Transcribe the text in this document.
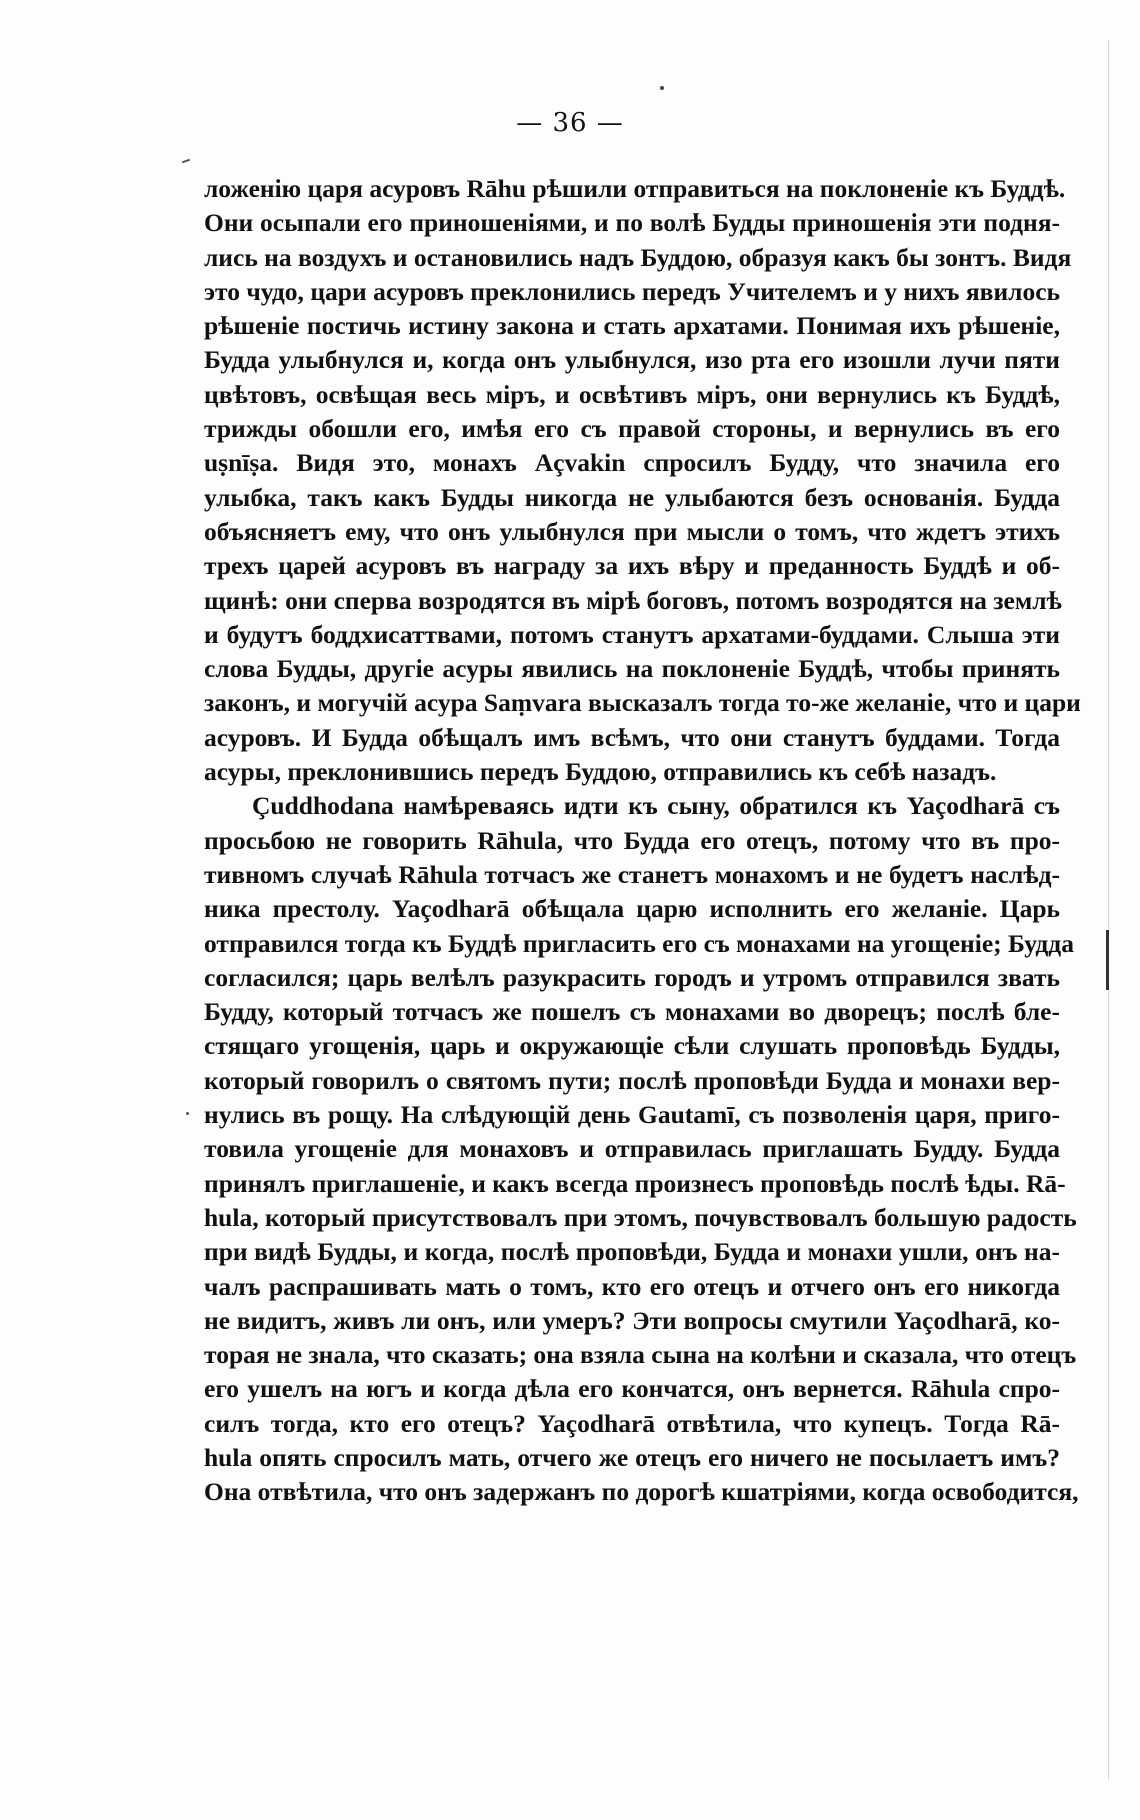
— 36 —
ложенію царя асуровъ Rāhu рѣшили отправиться на поклоненіе къ Буддѣ.
Они осыпали его приношеніями, и по волѣ Будды приношенія эти подня-
лись на воздухъ и остановились надъ Буддою, образуя какъ бы зонтъ. Видя
это чудо, цари асуровъ преклонились передъ Учителемъ и у нихъ явилось
рѣшеніе постичь истину закона и стать архатами. Понимая ихъ рѣшеніе,
Будда улыбнулся и, когда онъ улыбнулся, изо рта его изошли лучи пяти
цвѣтовъ, освѣщая весь міръ, и освѣтивъ міръ, они вернулись къ Буддѣ,
трижды обошли его, имѣя его съ правой стороны, и вернулись въ его
uṣnīṣa. Видя это, монахъ Açvakin спросилъ Будду, что значила его
улыбка, такъ какъ Будды никогда не улыбаются безъ основанія. Будда
объясняетъ ему, что онъ улыбнулся при мысли о томъ, что ждетъ этихъ
трехъ царей асуровъ въ награду за ихъ вѣру и преданность Буддѣ и об-
щинѣ: они сперва возродятся въ мірѣ боговъ, потомъ возродятся на землѣ
и будутъ боддхисаттвами, потомъ станутъ архатами-буддами. Слыша эти
слова Будды, другіе асуры явились на поклоненіе Буддѣ, чтобы принять
законъ, и могучій асура Saṃvara высказалъ тогда то-же желаніе, что и цари
асуровъ. И Будда обѣщалъ имъ всѣмъ, что они станутъ буддами. Тогда
асуры, преклонившись передъ Буддою, отправились къ себѣ назадъ.
Çuddhodana намѣреваясь идти къ сыну, обратился къ Yaçodharā съ
просьбою не говорить Rāhula, что Будда его отецъ, потому что въ про-
тивномъ случаѣ Rāhula тотчасъ же станетъ монахомъ и не будетъ наслѣд-
ника престолу. Yaçodharā обѣщала царю исполнить его желаніе. Царь
отправился тогда къ Буддѣ пригласить его съ монахами на угощеніе; Будда
согласился; царь велѣлъ разукрасить городъ и утромъ отправился звать
Будду, который тотчасъ же пошелъ съ монахами во дворецъ; послѣ бле-
стящаго угощенія, царь и окружающіе сѣли слушать проповѣдь Будды,
который говорилъ о святомъ пути; послѣ проповѣди Будда и монахи вер-
нулись въ рощу. На слѣдующій день Gautamī, съ позволенія царя, приго-
товила угощеніе для монаховъ и отправилась приглашать Будду. Будда
принялъ приглашеніе, и какъ всегда произнесъ проповѣдь послѣ ѣды. Rā-
hula, который присутствовалъ при этомъ, почувствовалъ большую радость
при видѣ Будды, и когда, послѣ проповѣди, Будда и монахи ушли, онъ на-
чалъ распрашивать мать о томъ, кто его отецъ и отчего онъ его никогда
не видитъ, живъ ли онъ, или умеръ? Эти вопросы смутили Yaçodharā, ко-
торая не знала, что сказать; она взяла сына на колѣни и сказала, что отецъ
его ушелъ на югъ и когда дѣла его кончатся, онъ вернется. Rāhula спро-
силъ тогда, кто его отецъ? Yaçodharā отвѣтила, что купецъ. Тогда Rā-
hula опять спросилъ мать, отчего же отецъ его ничего не посылаетъ имъ?
Она отвѣтила, что онъ задержанъ по дорогѣ кшатріями, когда освободится,
